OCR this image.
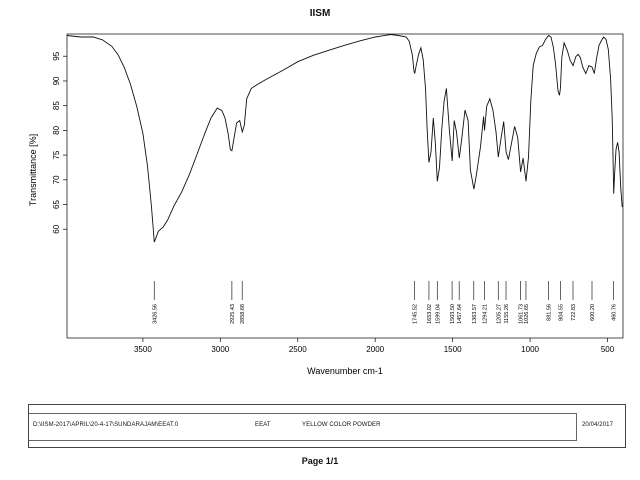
IISM
60
65
70
75
80
85
90
95
3500	3000	2500	2000	1500	1000	500
3426.56	2925.43 2858.68	1745.52 1653.02 1599.04 1503.50 1457.64 1363.57 1294.21 1205.27 1155.26 1061.73 1026.65	881.56 804.55 722.83 600.20	460.76
Transmittance [%]
Wavenumber cm-1
D:\IISM-2017\APRIL\20-4-17\SUNDARAJAM\EEAT.0	EEAT	YELLOW COLOR POWDER	20/04/2017
Page 1/1
